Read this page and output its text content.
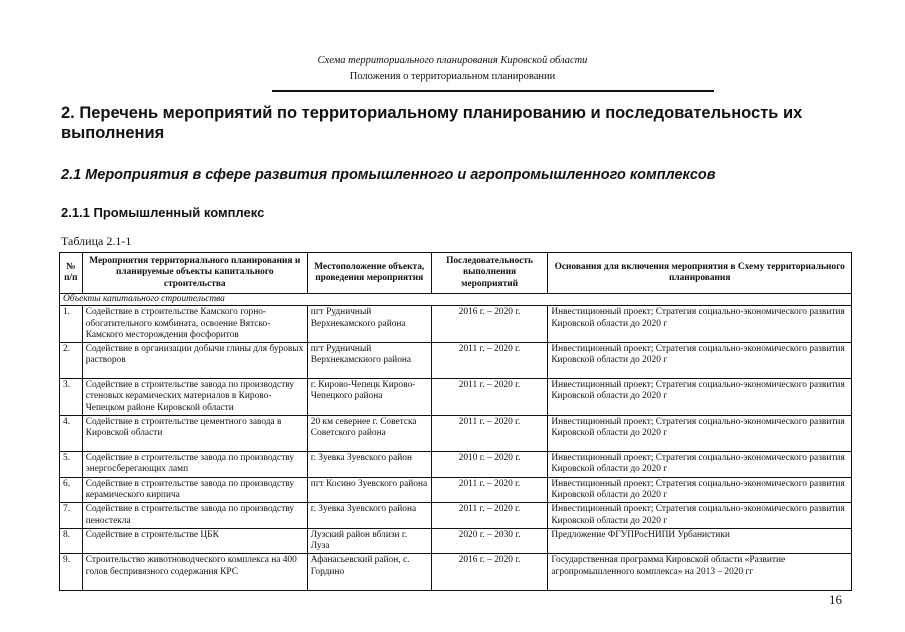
Схема территориального планирования Кировской области
Положения о территориальном планировании
2. Перечень мероприятий по территориальному планированию и последовательность их выполнения
2.1 Мероприятия в сфере развития промышленного и агропромышленного комплексов
2.1.1 Промышленный комплекс
Таблица 2.1-1
№ п/п	Мероприятия территориального планирования и планируемые объекты капитального строительства	Местоположение объекта, проведения мероприятия	Последовательность выполнения мероприятий	Основания для включения мероприятия в Схему территориального планирования
Объекты капитального строительства				
1.	Содействие в строительстве Камского горно-обогатительного комбината, освоение Вятско-Камского месторождения фосфоритов	пгт Рудничный Верхнекамского района	2016 г. – 2020 г.	Инвестиционный проект; Стратегия социально-экономического развития Кировской области до 2020 г
2.	Содействие в организации добычи глины для буровых растворов	пгт Рудничный Верхнекамскиого района	2011 г. – 2020 г.	Инвестиционный проект; Стратегия социально-экономического развития Кировской области до 2020 г
3.	Содействие в строительстве завода по производству стеновых керамических материалов в Кирово-Чепецком районе Кировской области	г. Кирово-Чепецк Кирово-Чепецкого района	2011 г. – 2020 г.	Инвестиционный проект; Стратегия социально-экономического развития Кировской области до 2020 г
4.	Содействие в строительстве цементного завода в Кировской области	20 км севернее г. Советска Советского района	2011 г. – 2020 г.	Инвестиционный проект; Стратегия социально-экономического развития Кировской области до 2020 г
5.	Содействие в строительстве завода по производству энергосберегающих ламп	г. Зуевка Зуевского район	2010 г. – 2020 г.	Инвестиционный проект; Стратегия социально-экономического развития Кировской области до 2020 г
6.	Содействие в строительстве завода по производству керамического кирпича	пгт Косино Зуевского района	2011 г. – 2020 г.	Инвестиционный проект; Стратегия социально-экономического развития Кировской области до 2020 г
7.	Содействие в строительстве завода по производству пеностекла	г. Зуевка Зуевского района	2011 г. – 2020 г.	Инвестиционный проект; Стратегия социально-экономического развития Кировской области до 2020 г
8.	Содействие в строительстве ЦБК	Лузский район вблизи г. Луза	2020 г. – 2030 г.	Предложение ФГУПРосНИПИ Урбанистики
9.	Строительство животноводческого комплекса на 400 голов беспривязного содержания КРС	Афанасьевский район, с. Гордино	2016 г. – 2020 г.	Государственная программа Кировской области «Развитие агропромышленного комплекса» на 2013 – 2020 гг
16
